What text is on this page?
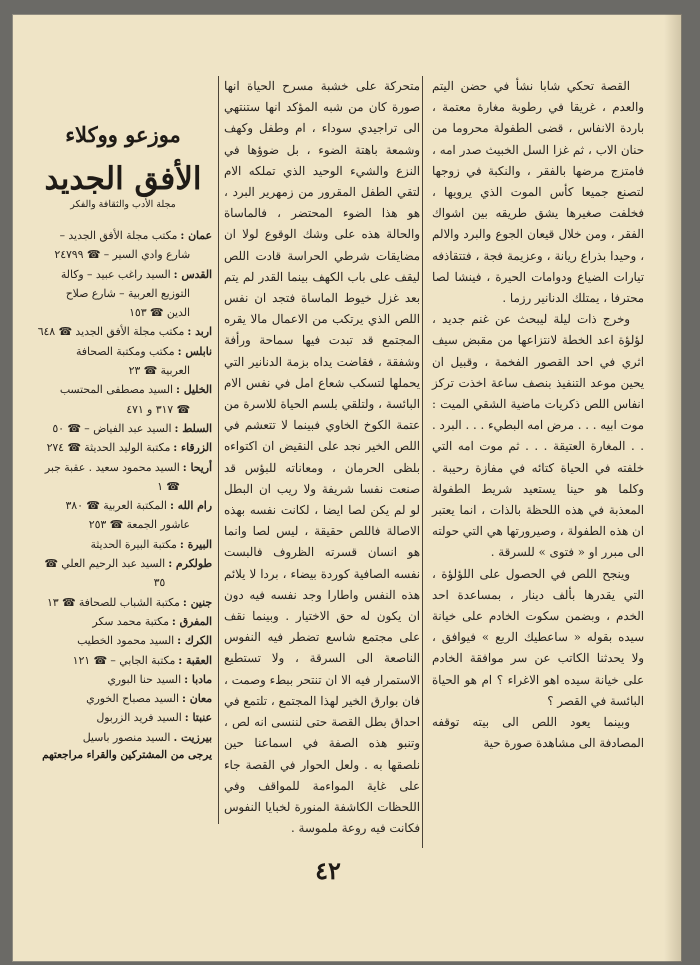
القصة تحكي شابا نشأ في حضن اليتم والعدم ، غريقا في رطوبة مغارة معتمة ، باردة الانفاس ، قضى الطفولة محروما من حنان الاب ، ثم غزا السل الخبيث صدر امه ، فامتزج مرضها بالفقر ، والنكبة في زوجها لتصنع جميعا كأس الموت الذي يرويها ، فخلفت صغيرها يشق طريقه بين اشواك الفقر ، ومن خلال قيعان الجوع والبرد والالم ، وحيدا بذراع ريانة ، وعزيمة فجة ، فتتقاذفه تيارات الضياع ودوامات الحيرة ، فينشا لصا محترفا ، يمتلك الدنانير رزما .

وخرج ذات ليلة ليبحث عن غنم جديد ، لؤلؤة اعد الخطة لانتزاعها من مقبض سيف اثري في احد القصور الفخمة ، وقبيل ان يحين موعد التنفيذ بنصف ساعة اخذت تركز انفاس اللص ذكريات ماضية الشقي الميت : موت ابيه . . . مرض امه البطيء . . . البرد . . . المغارة العتيقة . . . ثم موت امه التي خلفته في الحياة كتائه في مفازة رحيبة . وكلما هو حينا يستعيد شريط الطفولة المعذبة في هذه اللحظة بالذات ، انما يعتبر ان هذه الطفولة ، وصيرورتها هي التي حولته الى مبرر او « فتوى » للسرقة .

وينجح اللص في الحصول على اللؤلؤة ، التي يقدرها بألف دينار ، بمساعدة احد الخدم ، وبضمن سكوت الخادم على خيانة سيده بقوله « ساعطيك الربع » فيوافق ، ولا يحدثنا الكاتب عن سر موافقة الخادم على خيانة سيده اهو الاغراء ؟ ام هو الحياة البائسة في القصر ؟

وبينما يعود اللص الى بيته توقفه المصادفة الى مشاهدة صورة حية

متحركة على خشبة مسرح الحياة انها صورة كان من شبه المؤكد انها ستنتهي الى تراجيدي سوداء ، ام وطفل وكهف وشمعة باهتة الضوء ، بل ضوؤها في النزع والشيء الوحيد الذي تملكه الام لتقي الطفل المقرور من زمهرير البرد ، هو هذا الضوء المحتضر ، فالماساة والحالة هذه على وشك الوقوع لولا ان مضايقات شرطي الحراسة قادت اللص ليقف على باب الكهف بينما القدر لم يتم بعد غزل خيوط الماساة فتجد ان نفس اللص الذي يرتكب من الاعمال مالا يقره المجتمع قد تبدت فيها سماحة ورأفة وشفقة ، فقاضت يداه بزمة الدنانير التي يحملها لتسكب شعاع امل في نفس الام البائسة ، ولتلقي بلسم الحياة للاسرة من عتمة الكوخ الخاوي فبينما لا تتعشم في اللص الخير نجد على النقيض ان اكتواءه بلظى الحرمان ، ومعاناته للبؤس قد صنعت نفسا شريفة ولا ريب ان البطل لو لم يكن لصا ايضا ، لكانت نفسه بهذه الاصالة فاللص حقيقة ، ليس لصا وانما هو انسان قسرته الظروف فالبست نفسه الصافية كوردة بيضاء ، بردا لا يلائم هذه النفس واطارا وجد نفسه فيه دون ان يكون له حق الاختيار . وبينما نقف على مجتمع شاسع تضطر فيه النفوس الناصعة الى السرقة ، ولا تستطيع الاستمرار فيه الا ان تنتحر ببطء وصمت ، فان بوارق الخير لهذا المجتمع ، تلتمع في احداق بطل القصة حتى لننسى انه لص ، وتنبو هذه الصفة في اسماعنا حين نلصقها به . ولعل الحوار في القصة جاء على غاية المواءمة للمواقف وفي اللحظات الكاشفة المنورة لخبايا النفوس فكانت فيه روعة ملموسة .

موزعو ووكلاء
الأفق الجديد
مجلة الأدب والثقافة والفكر
عمان :
مكتب مجلة الأفق الجديد –
شارع وادي السير – ☎ ٢٤٧٩٩
القدس :
السيد راغب عبيد – وكالة
التوزيع العربية – شارع صلاح
الدين ☎ ١٥٣
اربد :
مكتب مجلة الأفق الجديد ☎ ٦٤٨
نابلس :
مكتب ومكتبة الصحافة
العربية ☎ ٢٣
الخليل :
السيد مصطفى المحتسب
☎ ٣١٧ و ٤٧١
السلط :
السيد عبد الفياض – ☎ ٥٠
الزرقاء :
مكتبة الوليد الحديثة ☎ ٢٧٤
أريحا :
السيد محمود سعيد . عقبة جبر ☎ ١
رام الله :
المكتبة العربية ☎ ٣٨٠
عاشور الجمعة ☎ ٢٥٣
البيرة :
مكتبة البيرة الحديثة
طولكرم :
السيد عبد الرحيم العلي ☎ ٣٥
جنين :
مكتبة الشباب للصحافة ☎ ١٣
المفرق :
مكتبة محمد سكر
الكرك :
السيد محمود الخطيب
العقبة :
مكتبة الجابي – ☎ ١٢١
مادبا :
السيد حنا البوري
معان :
السيد مصباح الخوري
عنبتا :
السيد فريد الزربول
بيرزيت .
السيد منصور باسيل
يرجى من المشتركين والقراء مراجعتهم
٤٢
